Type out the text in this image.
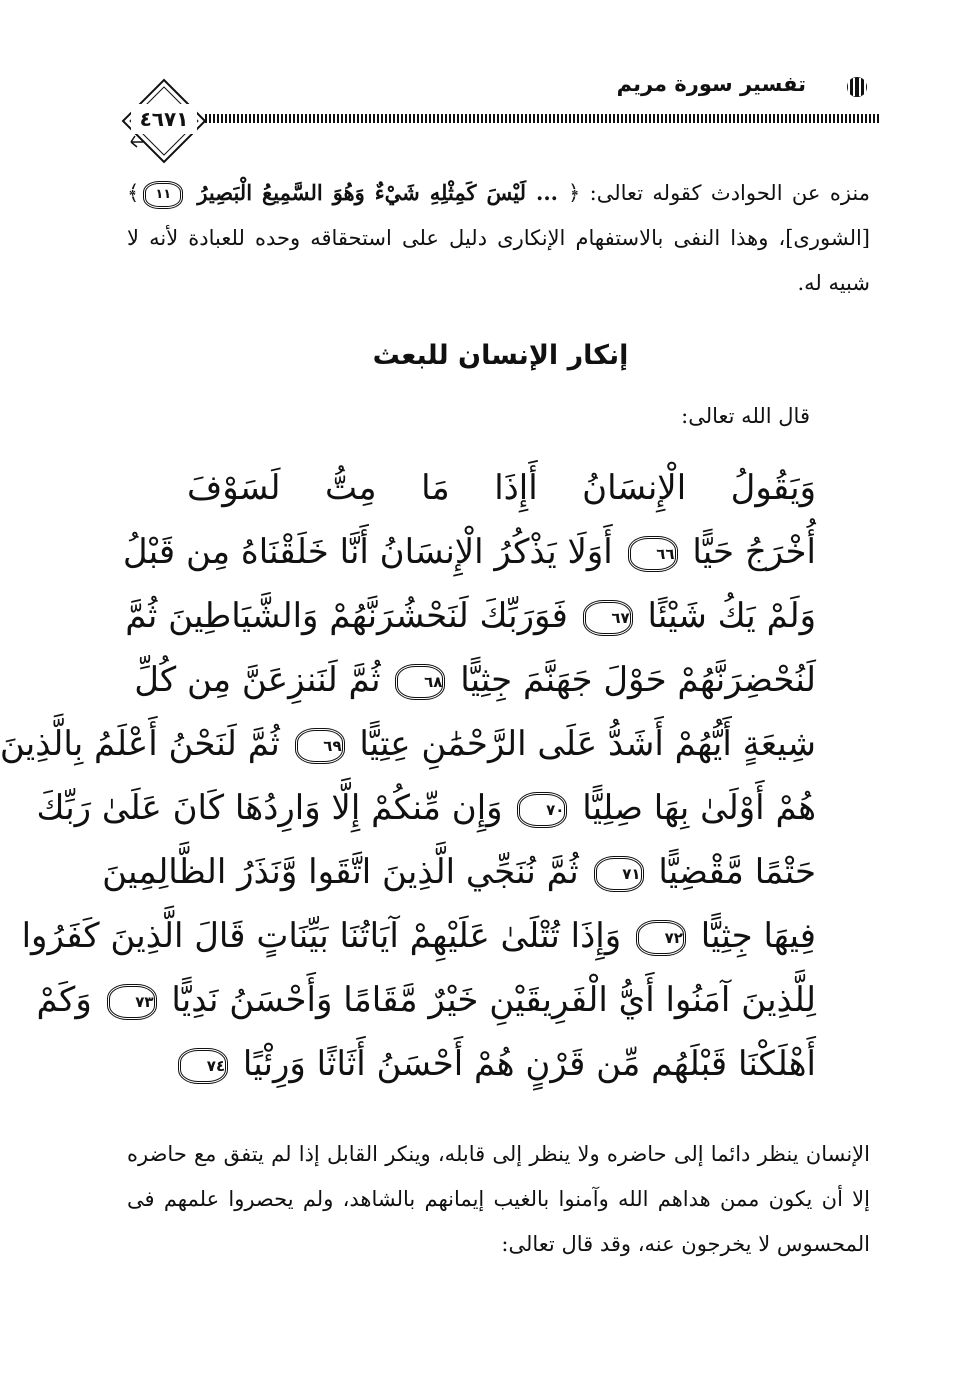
تفسير سورة مريم
٤٦٧١
منزه عن الحوادث كقوله تعالى: ﴿ ... لَيْسَ كَمِثْلِهِ شَيْءٌ وَهُوَ السَّمِيعُ الْبَصِيرُ ١١﴾ [الشورى]، وهذا النفى بالاستفهام الإنكارى دليل على استحقاقه وحده للعبادة لأنه لا شبيه له.
إنكار الإنسان للبعث
قال الله تعالى:
وَيَقُولُ الْإِنسَانُ أَإِذَا مَا مِتُّ لَسَوْفَ
أُخْرَجُ حَيًّا ٦٦ أَوَلَا يَذْكُرُ الْإِنسَانُ أَنَّا خَلَقْنَاهُ مِن قَبْلُ
وَلَمْ يَكُ شَيْئًا ٦٧ فَوَرَبِّكَ لَنَحْشُرَنَّهُمْ وَالشَّيَاطِينَ ثُمَّ
لَنُحْضِرَنَّهُمْ حَوْلَ جَهَنَّمَ جِثِيًّا ٦٨ ثُمَّ لَنَنزِعَنَّ مِن كُلِّ
شِيعَةٍ أَيُّهُمْ أَشَدُّ عَلَى الرَّحْمَٰنِ عِتِيًّا ٦٩ ثُمَّ لَنَحْنُ أَعْلَمُ بِالَّذِينَ
هُمْ أَوْلَىٰ بِهَا صِلِيًّا ٧٠ وَإِن مِّنكُمْ إِلَّا وَارِدُهَا كَانَ عَلَىٰ رَبِّكَ
حَتْمًا مَّقْضِيًّا ٧١ ثُمَّ نُنَجِّي الَّذِينَ اتَّقَوا وَّنَذَرُ الظَّالِمِينَ
فِيهَا جِثِيًّا ٧٢ وَإِذَا تُتْلَىٰ عَلَيْهِمْ آيَاتُنَا بَيِّنَاتٍ قَالَ الَّذِينَ كَفَرُوا
لِلَّذِينَ آمَنُوا أَيُّ الْفَرِيقَيْنِ خَيْرٌ مَّقَامًا وَأَحْسَنُ نَدِيًّا ٧٣ وَكَمْ
أَهْلَكْنَا قَبْلَهُم مِّن قَرْنٍ هُمْ أَحْسَنُ أَثَاثًا وَرِئْيًا ٧٤
الإنسان ينظر دائما إلى حاضره ولا ينظر إلى قابله، وينكر القابل إذا لم يتفق مع حاضره إلا أن يكون ممن هداهم الله وآمنوا بالغيب إيمانهم بالشاهد، ولم يحصروا علمهم فى المحسوس لا يخرجون عنه، وقد قال تعالى:
